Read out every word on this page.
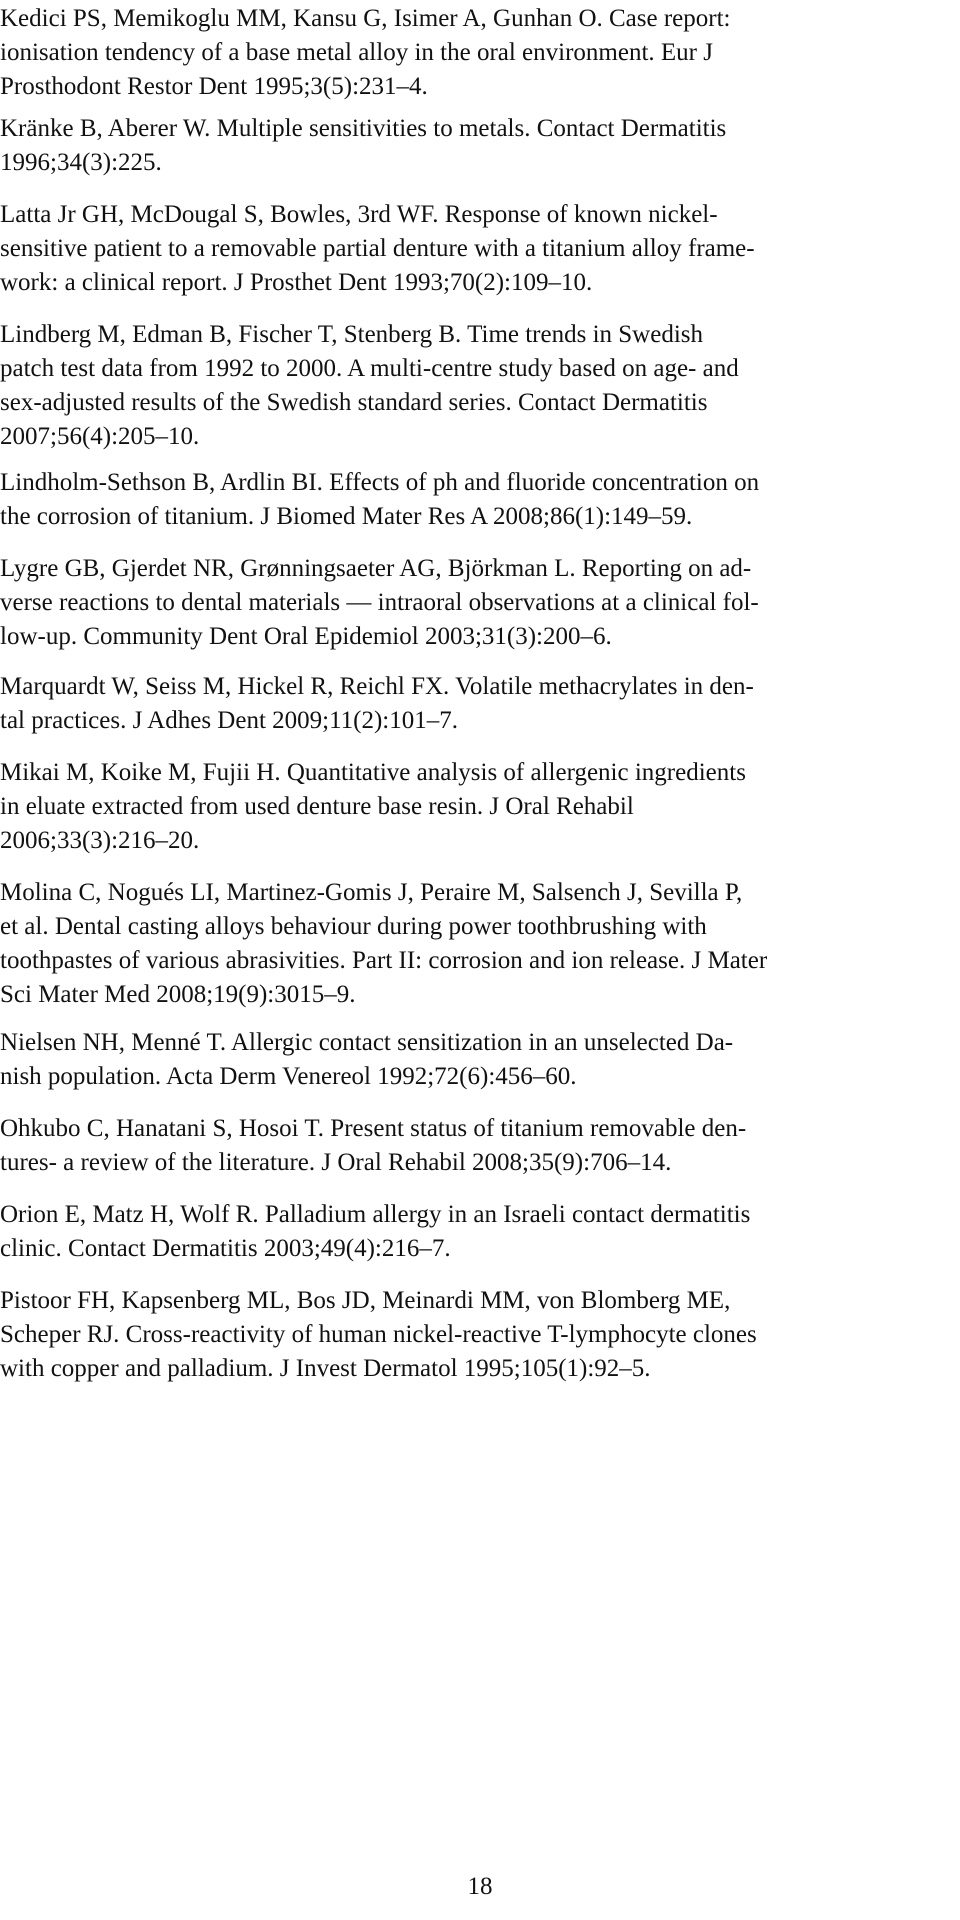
Kedici PS, Memikoglu MM, Kansu G, Isimer A, Gunhan O. Case report:
ionisation tendency of a base metal alloy in the oral environment. Eur J
Prosthodont Restor Dent 1995;3(5):231–4.
Kränke B, Aberer W. Multiple sensitivities to metals. Contact Dermatitis
1996;34(3):225.
Latta Jr GH, McDougal S, Bowles, 3rd WF. Response of known nickel-
sensitive patient to a removable partial denture with a titanium alloy frame-
work: a clinical report. J Prosthet Dent 1993;70(2):109–10.
Lindberg M, Edman B, Fischer T, Stenberg B. Time trends in Swedish
patch test data from 1992 to 2000. A multi-centre study based on age- and
sex-adjusted results of the Swedish standard series. Contact Dermatitis
2007;56(4):205–10.
Lindholm-Sethson B, Ardlin BI. Effects of ph and fluoride concentration on
the corrosion of titanium. J Biomed Mater Res A 2008;86(1):149–59.
Lygre GB, Gjerdet NR, Grønningsaeter AG, Björkman L. Reporting on ad-
verse reactions to dental materials — intraoral observations at a clinical fol-
low-up. Community Dent Oral Epidemiol 2003;31(3):200–6.
Marquardt W, Seiss M, Hickel R, Reichl FX. Volatile methacrylates in den-
tal practices. J Adhes Dent 2009;11(2):101–7.
Mikai M, Koike M, Fujii H. Quantitative analysis of allergenic ingredients
in eluate extracted from used denture base resin. J Oral Rehabil
2006;33(3):216–20.
Molina C, Nogués LI, Martinez-Gomis J, Peraire M, Salsench J, Sevilla P,
et al. Dental casting alloys behaviour during power toothbrushing with
toothpastes of various abrasivities. Part II: corrosion and ion release. J Mater
Sci Mater Med 2008;19(9):3015–9.
Nielsen NH, Menné T. Allergic contact sensitization in an unselected Da-
nish population. Acta Derm Venereol 1992;72(6):456–60.
Ohkubo C, Hanatani S, Hosoi T. Present status of titanium removable den-
tures- a review of the literature. J Oral Rehabil 2008;35(9):706–14.
Orion E, Matz H, Wolf R. Palladium allergy in an Israeli contact dermatitis
clinic. Contact Dermatitis 2003;49(4):216–7.
Pistoor FH, Kapsenberg ML, Bos JD, Meinardi MM, von Blomberg ME,
Scheper RJ. Cross-reactivity of human nickel-reactive T-lymphocyte clones
with copper and palladium. J Invest Dermatol 1995;105(1):92–5.

18
